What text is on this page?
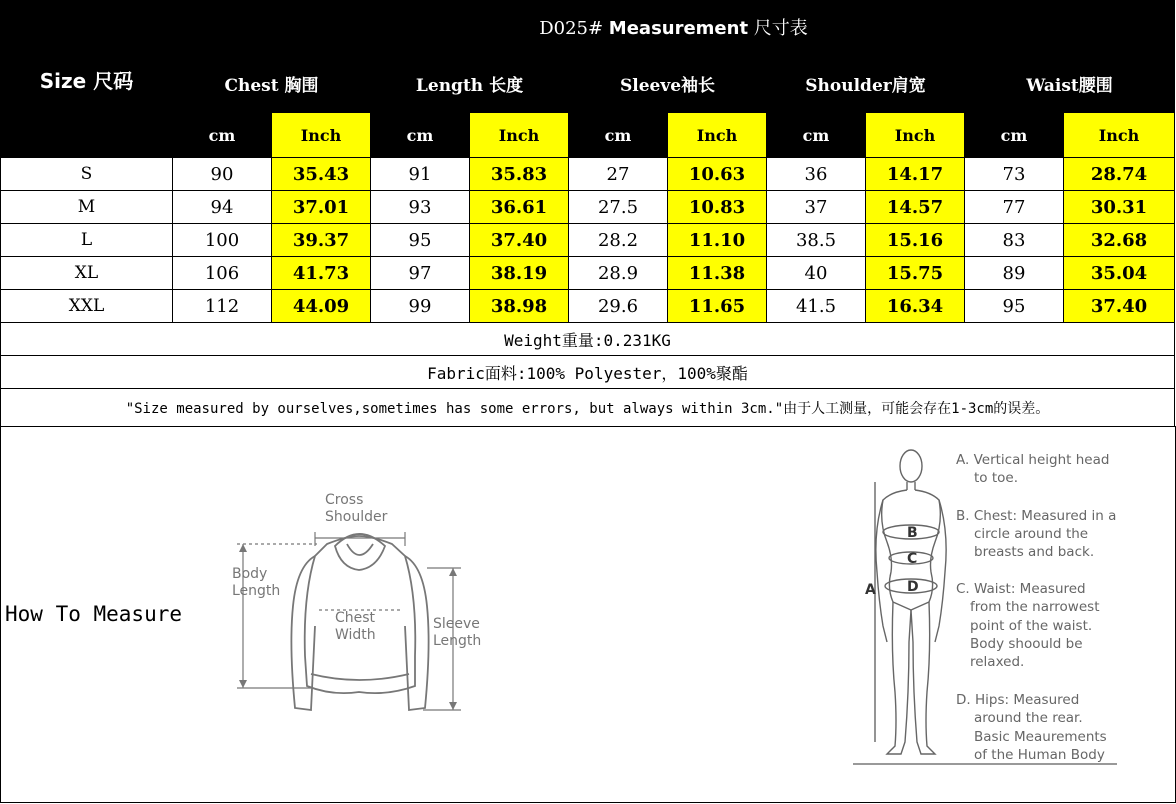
Size 尺码	D025# Measurement 尺寸表									
	Chest 胸围		Length 长度		Sleeve袖长		Shoulder肩宽		Waist腰围	
	cm	Inch	cm	Inch	cm	Inch	cm	Inch	cm	Inch
S	90	35.43	91	35.83	27	10.63	36	14.17	73	28.74
M	94	37.01	93	36.61	27.5	10.83	37	14.57	77	30.31
L	100	39.37	95	37.40	28.2	11.10	38.5	15.16	83	32.68
XL	106	41.73	97	38.19	28.9	11.38	40	15.75	89	35.04
XXL	112	44.09	99	38.98	29.6	11.65	41.5	16.34	95	37.40
Weight重量:0.231KG										
Fabric面料:100% Polyester，100%聚酯										
"Size measured by ourselves,sometimes has some errors, but always within 3cm."由于人工测量，可能会存在1-3cm的误差。										
How To Measure
Cross
Shoulder
Body
Length
Chest
Width
Sleeve
Length
B
C
D
A
A. Vertical height head
to toe.
B. Chest: Measured in a
circle around the
breasts and back.
C. Waist: Measured
from the narrowest
point of the waist.
Body shoould be
relaxed.
D. Hips: Measured
around the rear.
Basic Meaurements
of the Human Body
